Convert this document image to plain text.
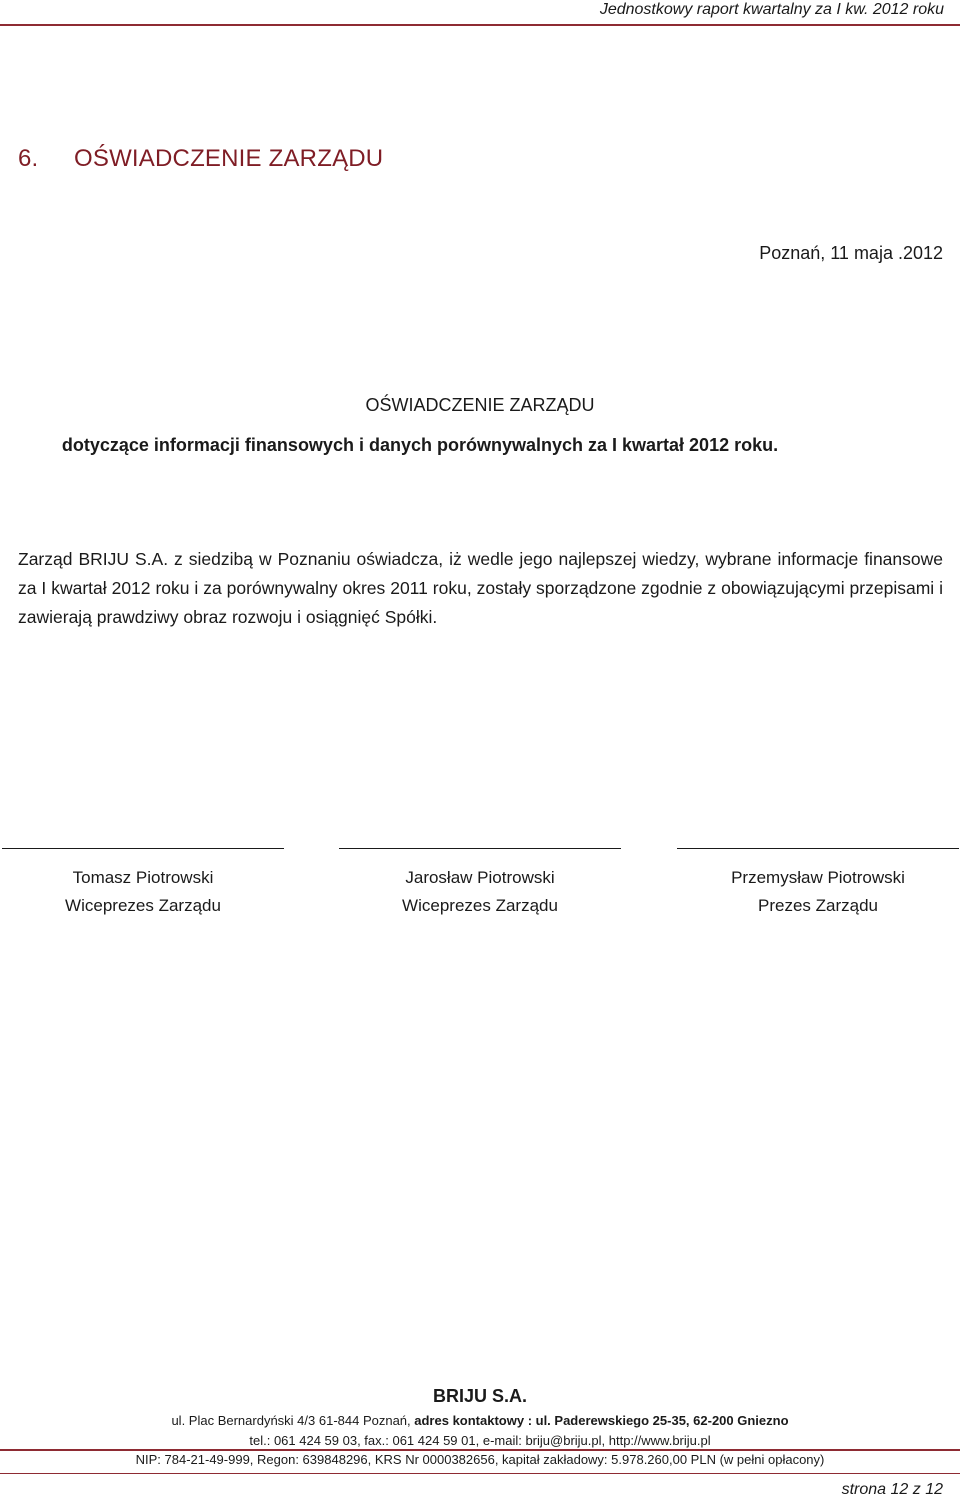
Jednostkowy raport kwartalny za I kw. 2012 roku
6. OŚWIADCZENIE ZARZĄDU
Poznań, 11 maja .2012
OŚWIADCZENIE ZARZĄDU
dotyczące informacji finansowych i danych porównywalnych za I kwartał 2012 roku.

Zarząd BRIJU S.A. z siedzibą w Poznaniu oświadcza, iż wedle jego najlepszej wiedzy, wybrane informacje finansowe za I kwartał 2012 roku i za porównywalny okres 2011 roku, zostały sporządzone zgodnie z obowiązującymi przepisami i zawierają prawdziwy obraz rozwoju i osiągnięć Spółki.

Tomasz Piotrowski
Wiceprezes Zarządu
Jarosław Piotrowski
Wiceprezes Zarządu
Przemysław Piotrowski
Prezes Zarządu
BRIJU S.A.
ul. Plac Bernardyński 4/3 61-844 Poznań, adres kontaktowy : ul. Paderewskiego 25-35, 62-200 Gniezno
tel.: 061 424 59 03, fax.: 061 424 59 01, e-mail: briju@briju.pl, http://www.briju.pl
NIP: 784-21-49-999, Regon: 639848296, KRS Nr 0000382656, kapitał zakładowy: 5.978.260,00 PLN (w pełni opłacony)
strona 12 z 12
